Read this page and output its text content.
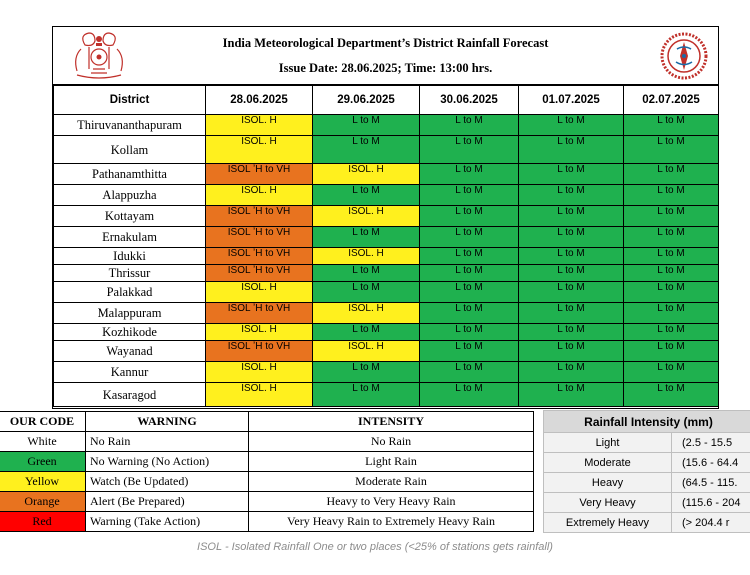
India Meteorological Department’s District Rainfall Forecast
Issue Date: 28.06.2025; Time: 13:00 hrs.
District	28.06.2025	29.06.2025	30.06.2025	01.07.2025	02.07.2025
Thiruvananthapuram	ISOL. H	L to M	L to M	L to M	L to M
Kollam	ISOL. H	L to M	L to M	L to M	L to M
Pathanamthitta	ISOL ʼH to VH	ISOL. H	L to M	L to M	L to M
Alappuzha	ISOL. H	L to M	L to M	L to M	L to M
Kottayam	ISOL ʼH to VH	ISOL. H	L to M	L to M	L to M
Ernakulam	ISOL ʼH to VH	L to M	L to M	L to M	L to M
Idukki	ISOL ʼH to VH	ISOL. H	L to M	L to M	L to M
Thrissur	ISOL ʼH to VH	L to M	L to M	L to M	L to M
Palakkad	ISOL. H	L to M	L to M	L to M	L to M
Malappuram	ISOL ʼH to VH	ISOL. H	L to M	L to M	L to M
Kozhikode	ISOL. H	L to M	L to M	L to M	L to M
Wayanad	ISOL ʼH to VH	ISOL. H	L to M	L to M	L to M
Kannur	ISOL. H	L to M	L to M	L to M	L to M
Kasaragod	ISOL. H	L to M	L to M	L to M	L to M
OUR CODE	WARNING	INTENSITY
White	No Rain	No Rain
Green	No Warning (No Action)	Light Rain
Yellow	Watch (Be Updated)	Moderate Rain
Orange	Alert (Be Prepared)	Heavy to Very Heavy Rain
Red	Warning (Take Action)	Very Heavy Rain to Extremely Heavy Rain
Rainfall Intensity (mm)	
Light	(2.5 - 15.5
Moderate	(15.6 - 64.4
Heavy	(64.5 - 115.
Very Heavy	(115.6 - 204
Extremely Heavy	(> 204.4 r
ISOL - Isolated Rainfall One or two places (<25% of stations gets rainfall)
